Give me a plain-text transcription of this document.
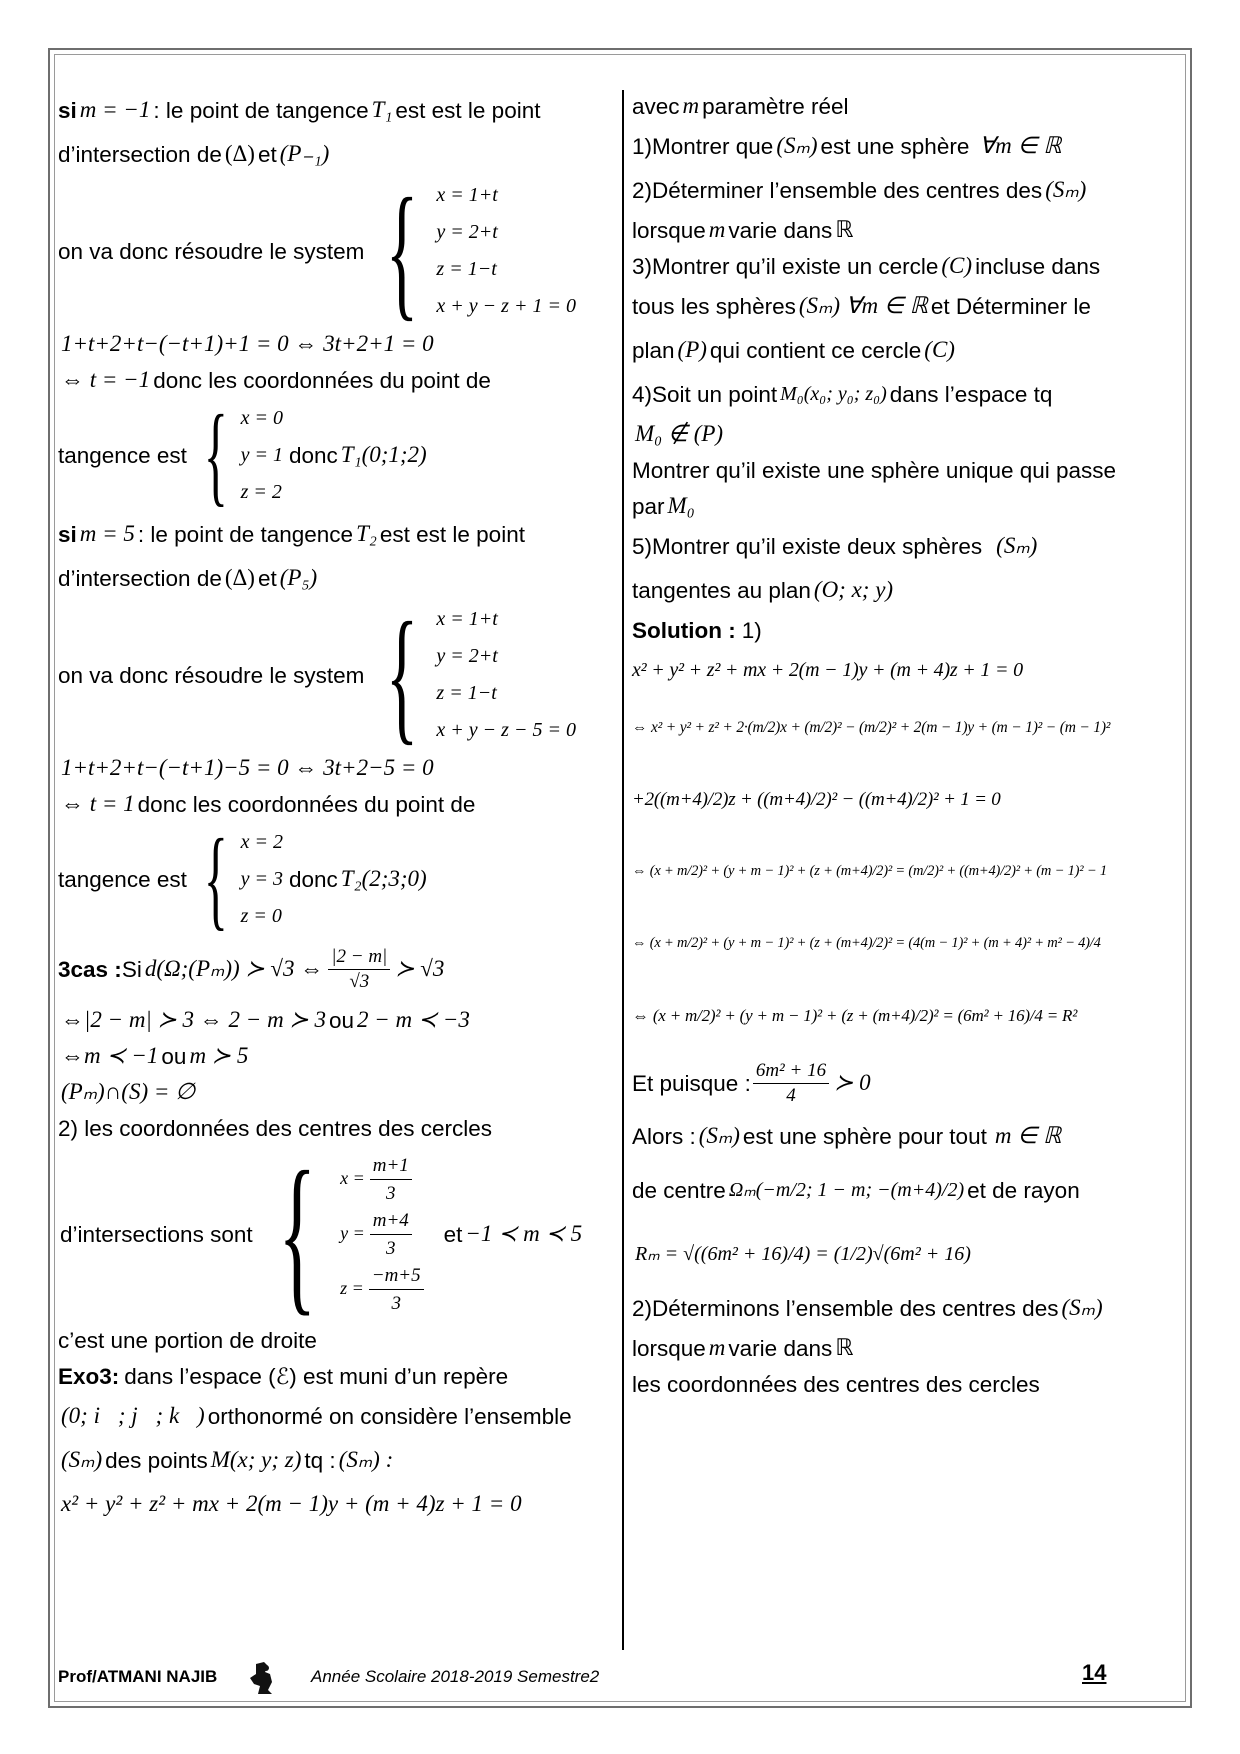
si m = −1 : le point de tangence T₁ est est le point
d’intersection de (Δ) et (P₋₁)
on va donc résoudre le system { x = 1+t
y = 2+t
z = 1−t
x + y − z + 1 = 0
1+t+2+t−(−t+1)+1 = 0 ⇔ 3t+2+1 = 0
⇔ t = −1 donc les coordonnées du point de
tangence est { x = 0
y = 1
z = 2
donc T₁(0;1;2)
si m = 5 : le point de tangence T₂ est est le point
d’intersection de (Δ) et (P₅)
on va donc résoudre le system { x = 1+t
y = 2+t
z = 1−t
x + y − z − 5 = 0
1+t+2+t−(−t+1)−5 = 0 ⇔ 3t+2−5 = 0
⇔ t = 1 donc les coordonnées du point de
tangence est { x = 2
y = 3
z = 0
donc T₂(2;3;0)
3cas : Si d(Ω;(Pₘ)) ≻ √3 ⇔ $\frac{|2 - m|}{√3}$ ≻ √3
⇔|2 − m| ≻ 3 ⇔ 2 − m ≻ 3 ou 2 − m ≺ −3
⇔m ≺ −1 ou m ≻ 5
(Pₘ)∩(S) = ∅
2) les coordonnées des centres des cercles
d’intersections sont { $x = \frac{m+1}{3}$
$y = \frac{m+4}{3}$
$z = \frac{-m+5}{3}$
et −1 ≺ m ≺ 5
c’est une portion de droite
Exo3: dans l’espace (ℰ) est muni d’un repère
(0; i⃗; j⃗; k⃗) orthonormé on considère l’ensemble
(Sₘ) des points M(x; y; z) tq : (Sₘ) :
x² + y² + z² + mx + 2(m − 1)y + (m + 4)z + 1 = 0
avec m paramètre réel
1)Montrer que (Sₘ) est une sphère ∀m ∈ ℝ
2)Déterminer l’ensemble des centres des (Sₘ)
lorsque m varie dans ℝ
3)Montrer qu’il existe un cercle (C) incluse dans
tous les sphères (Sₘ) ∀m ∈ ℝ et Déterminer le
plan (P) qui contient ce cercle (C)
4)Soit un point M₀(x₀; y₀; z₀) dans l’espace tq
M₀ ∉ (P)
Montrer qu’il existe une sphère unique qui passe
par M₀
5)Montrer qu’il existe deux sphères (Sₘ)
tangentes au plan (O; x; y)
Solution : 1)
x² + y² + z² + mx + 2(m − 1)y + (m + 4)z + 1 = 0
⇔ x² + y² + z² + 2·(m/2)x + (m/2)² − (m/2)² + 2(m − 1)y + (m − 1)² − (m − 1)²
+2((m+4)/2)z + ((m+4)/2)² − ((m+4)/2)² + 1 = 0
⇔ (x + m/2)² + (y + m − 1)² + (z + (m+4)/2)² = (m/2)² + ((m+4)/2)² + (m − 1)² − 1
⇔ (x + m/2)² + (y + m − 1)² + (z + (m+4)/2)² = (4(m − 1)² + (m + 4)² + m² − 4)/4
⇔ (x + m/2)² + (y + m − 1)² + (z + (m+4)/2)² = (6m² + 16)/4 = R²
Et puisque : $\frac{\text{6m² + 16}}{4}$ ≻ 0
Alors : (Sₘ) est une sphère pour tout m ∈ ℝ
de centre Ωₘ(−m/2; 1 − m; −(m+4)/2) et de rayon
Rₘ = √((6m² + 16)/4) = (1/2)√(6m² + 16)
2)Déterminons l’ensemble des centres des (Sₘ)
lorsque m varie dans ℝ
les coordonnées des centres des cercles
Prof/ATMANI NAJIB	Année Scolaire 2018-2019 Semestre2	14
